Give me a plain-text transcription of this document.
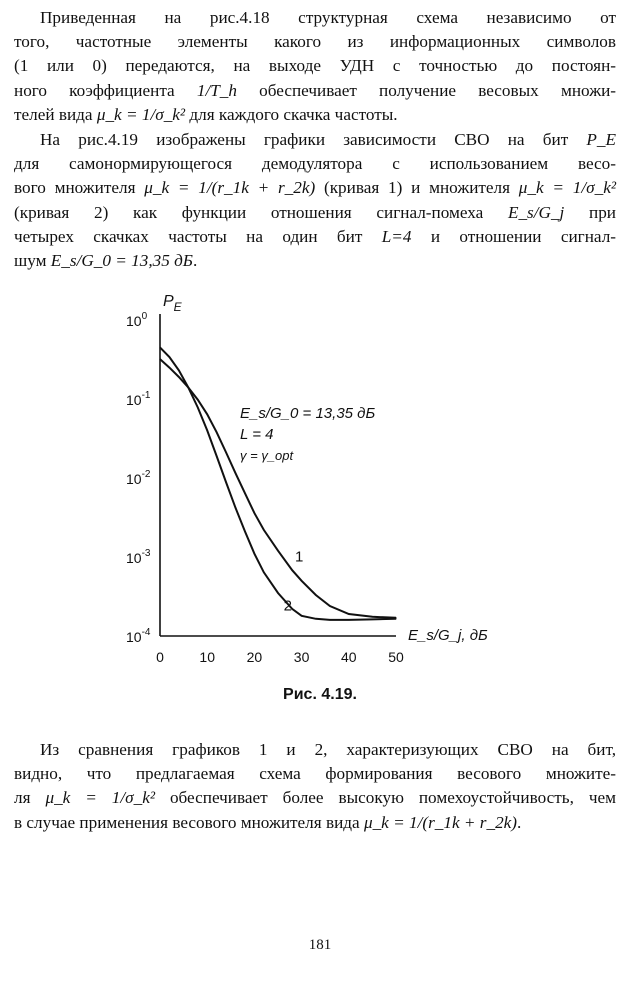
Приведенная на рис.4.18 структурная схема независимо от
того, частотные элементы какого из информационных символов
(1 или 0) передаются, на выходе УДН с точностью до постоян-
ного коэффициента 1/T_h обеспечивает получение весовых множи-
телей вида μ_k = 1/σ_k² для каждого скачка частоты.
На рис.4.19 изображены графики зависимости СВО на бит P_E
для самонормирующегося демодулятора с использованием весо-
вого множителя μ_k = 1/(r_1k + r_2k) (кривая 1) и множителя μ_k = 1/σ_k²
(кривая 2) как функции отношения сигнал-помеха E_s/G_j при
четырех скачках частоты на один бит L=4 и отношении сигнал-
шум E_s/G_0 = 13,35 дБ.
0	10 20 30 40 50
$10^0$
$10^{-1}$
$10^{-2}$
$10^{-3}$
$10^{-4}$
$P_E$
E_s/G_j, дБ
E_s/G_0 = 13,35 дБ
L = 4
γ = γ_opt
1
2
Рис. 4.19.
Из сравнения графиков 1 и 2, характеризующих СВО на бит,
видно, что предлагаемая схема формирования весового множите-
ля μ_k = 1/σ_k² обеспечивает более высокую помехоустойчивость, чем
в случае применения весового множителя вида μ_k = 1/(r_1k + r_2k).
181
